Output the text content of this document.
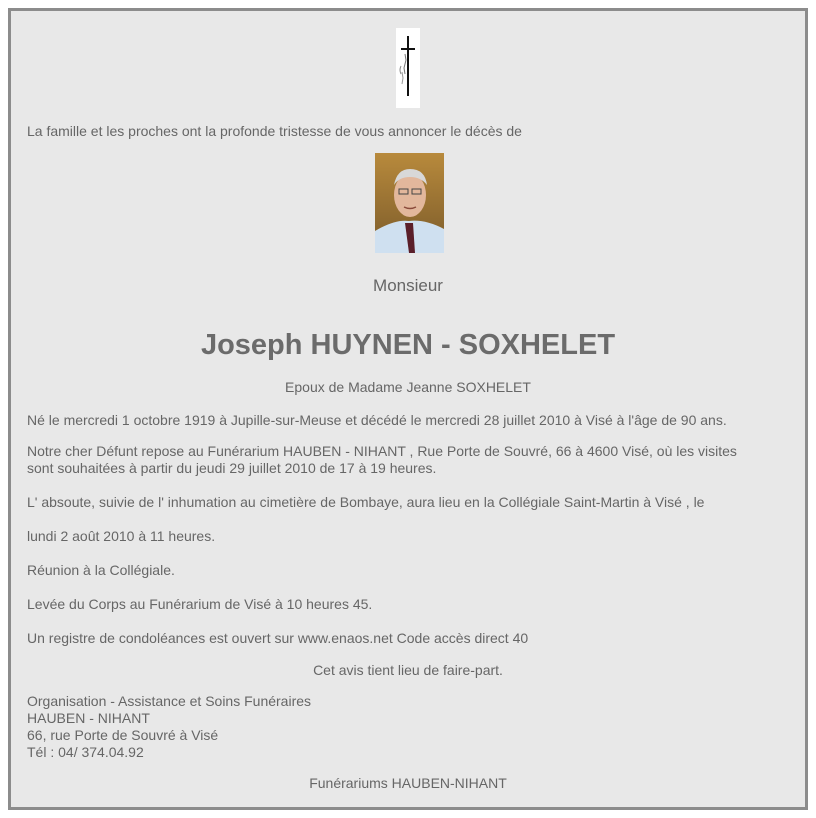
La famille et les proches ont la profonde tristesse de vous annoncer le décès de
Monsieur
Joseph HUYNEN - SOXHELET
Epoux de Madame Jeanne SOXHELET
Né le mercredi 1 octobre 1919 à Jupille-sur-Meuse et décédé le mercredi 28 juillet 2010 à Visé à l'âge de 90 ans.
Notre cher Défunt repose au Funérarium HAUBEN - NIHANT , Rue Porte de Souvré, 66 à 4600 Visé, où les visites
sont souhaitées à partir du jeudi 29 juillet 2010 de 17 à 19 heures.
L' absoute, suivie de l' inhumation au cimetière de Bombaye, aura lieu en la Collégiale Saint-Martin à Visé , le
lundi 2 août 2010 à 11 heures.
Réunion à la Collégiale.
Levée du Corps au Funérarium de Visé à 10 heures 45.
Un registre de condoléances est ouvert sur www.enaos.net Code accès direct 40
Cet avis tient lieu de faire-part.
Organisation - Assistance et Soins Funéraires
HAUBEN - NIHANT
66, rue Porte de Souvré à Visé
Tél : 04/ 374.04.92
Funérariums HAUBEN-NIHANT
